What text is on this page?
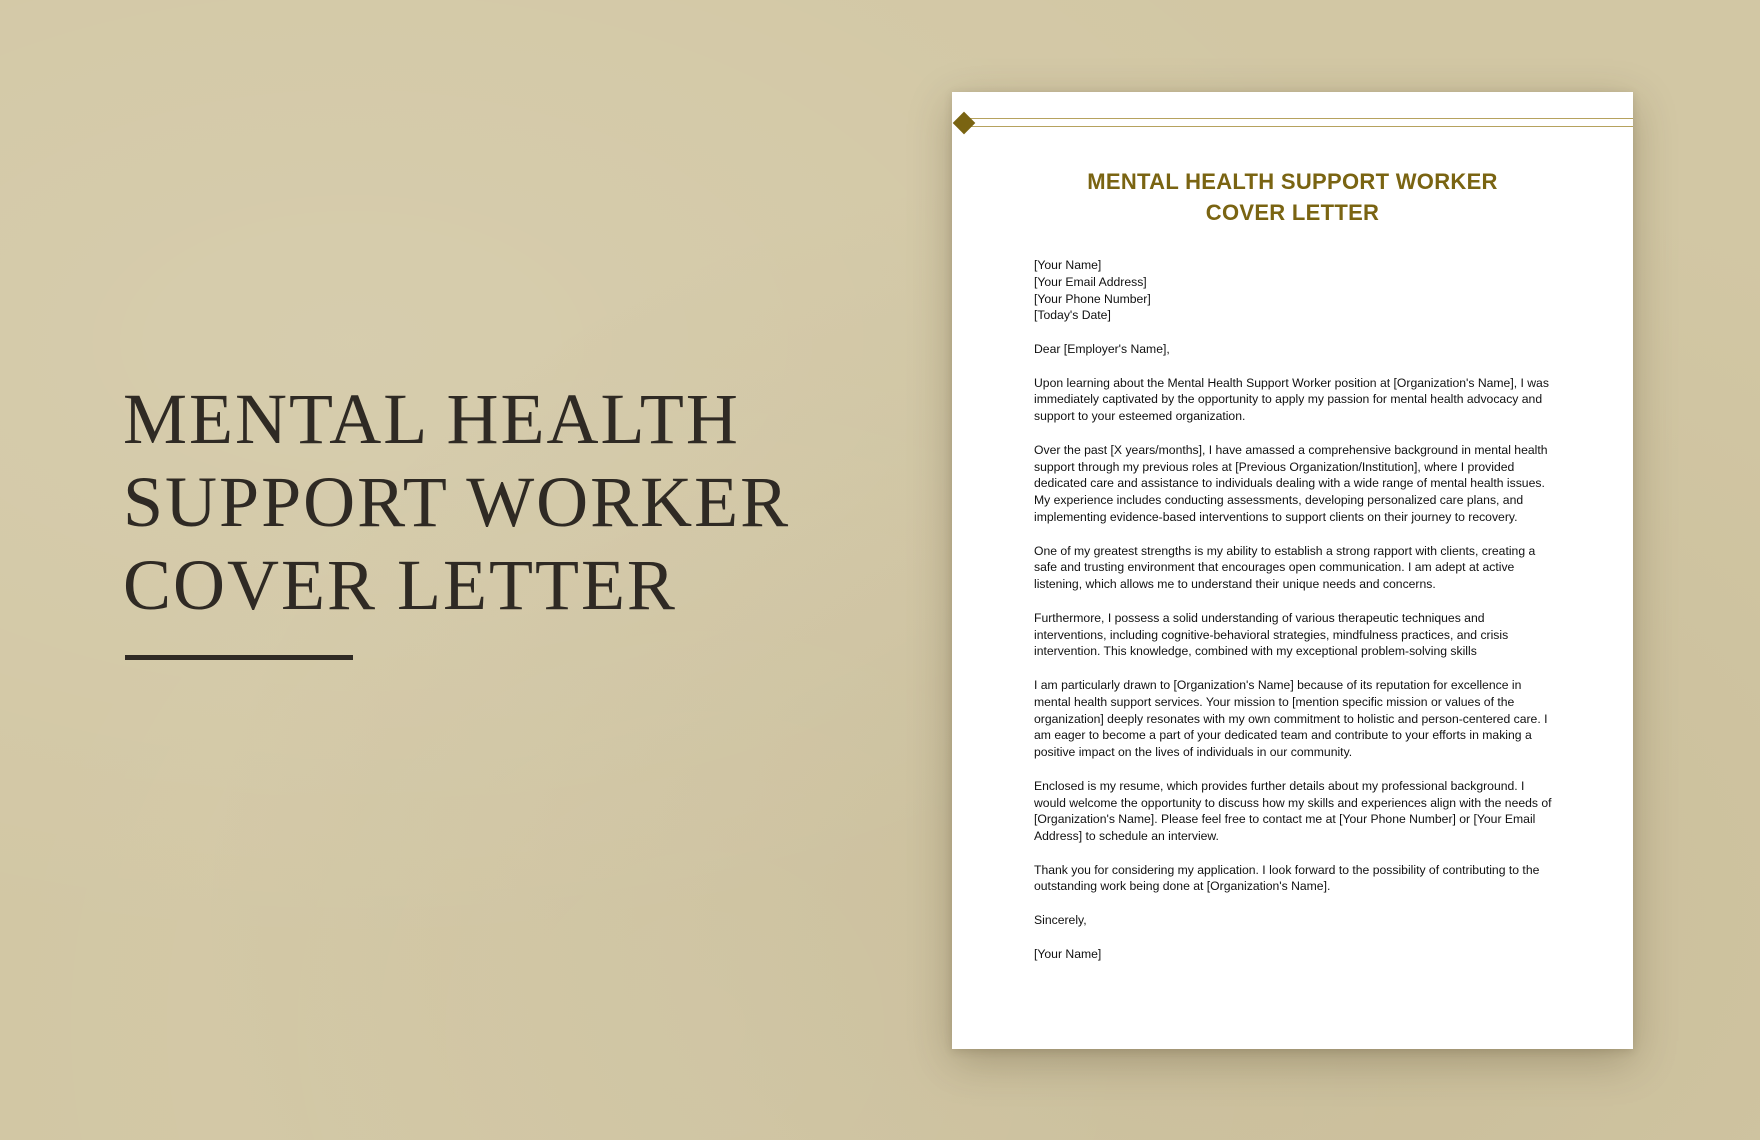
MENTAL HEALTH
SUPPORT WORKER
COVER LETTER
MENTAL HEALTH SUPPORT WORKER
COVER LETTER

[Your Name]
[Your Email Address]
[Your Phone Number]
[Today's Date]

Dear [Employer's Name],

Upon learning about the Mental Health Support Worker position at [Organization's Name], I was immediately captivated by the opportunity to apply my passion for mental health advocacy and support to your esteemed organization.

Over the past [X years/months], I have amassed a comprehensive background in mental health support through my previous roles at [Previous Organization/Institution], where I provided dedicated care and assistance to individuals dealing with a wide range of mental health issues. My experience includes conducting assessments, developing personalized care plans, and implementing evidence-based interventions to support clients on their journey to recovery.

One of my greatest strengths is my ability to establish a strong rapport with clients, creating a safe and trusting environment that encourages open communication. I am adept at active listening, which allows me to understand their unique needs and concerns.

Furthermore, I possess a solid understanding of various therapeutic techniques and interventions, including cognitive-behavioral strategies, mindfulness practices, and crisis intervention. This knowledge, combined with my exceptional problem-solving skills

I am particularly drawn to [Organization's Name] because of its reputation for excellence in mental health support services. Your mission to [mention specific mission or values of the organization] deeply resonates with my own commitment to holistic and person-centered care. I am eager to become a part of your dedicated team and contribute to your efforts in making a positive impact on the lives of individuals in our community.

Enclosed is my resume, which provides further details about my professional background. I would welcome the opportunity to discuss how my skills and experiences align with the needs of [Organization's Name]. Please feel free to contact me at [Your Phone Number] or [Your Email Address] to schedule an interview.

Thank you for considering my application. I look forward to the possibility of contributing to the outstanding work being done at [Organization's Name].

Sincerely,

[Your Name]
